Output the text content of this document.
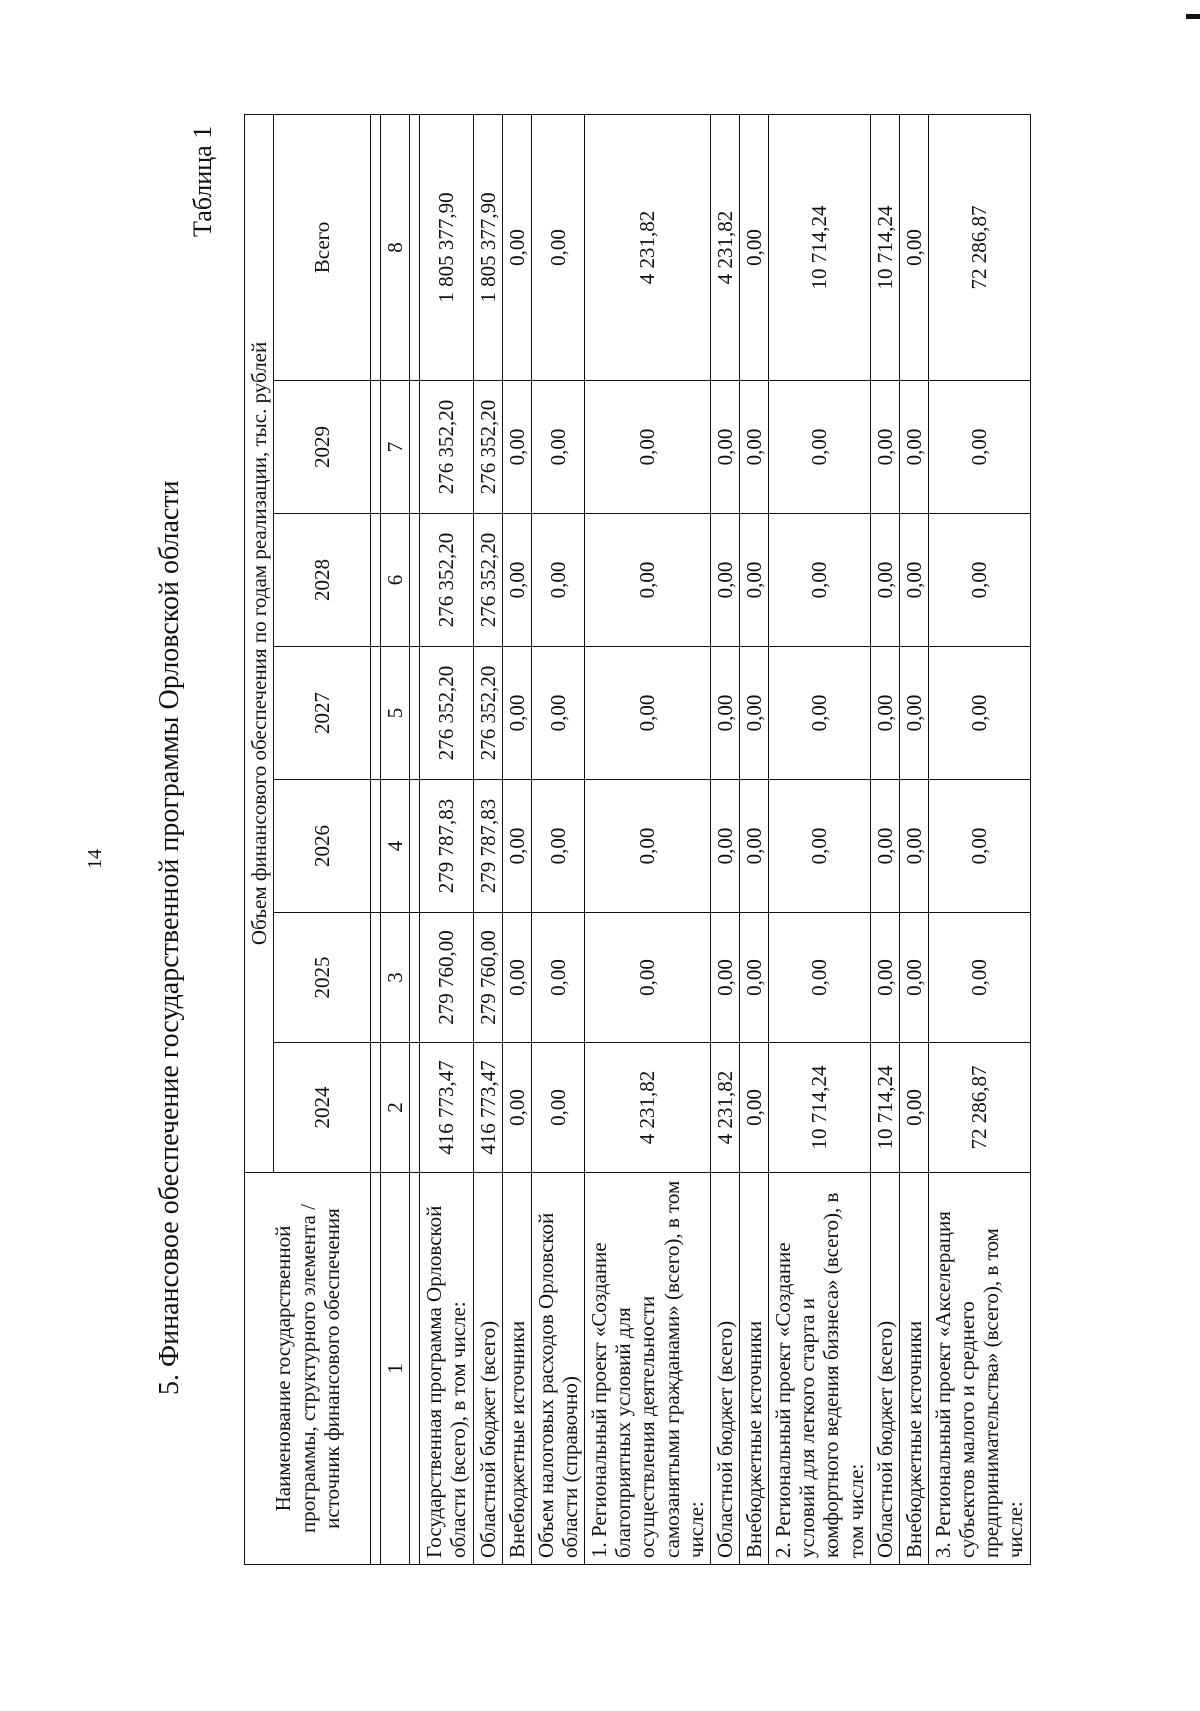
14 5. Финансовое обеспечение государственной программы Орловской области
Таблица 1
Наименование государственной программы, структурного элемента / источник финансового обеспечения	Объем финансового обеспечения по годам реализации, тыс. рублей						
	2024	2025	2026	2027	2028	2029	Всего

1	2	3	4	5	6	7	8

Государственная программа Орловской области (всего), в том числе:	416 773,47	279 760,00	279 787,83	276 352,20	276 352,20	276 352,20	1 805 377,90
Областной бюджет (всего)	416 773,47	279 760,00	279 787,83	276 352,20	276 352,20	276 352,20	1 805 377,90
Внебюджетные источники	0,00	0,00	0,00	0,00	0,00	0,00	0,00
Объем налоговых расходов Орловской области (справочно)	0,00	0,00	0,00	0,00	0,00	0,00	0,00
1. Региональный проект «Создание благоприятных условий для осуществления деятельности самозанятыми гражданами» (всего), в том числе:	4 231,82	0,00	0,00	0,00	0,00	0,00	4 231,82
Областной бюджет (всего)	4 231,82	0,00	0,00	0,00	0,00	0,00	4 231,82
Внебюджетные источники	0,00	0,00	0,00	0,00	0,00	0,00	0,00
2. Региональный проект «Создание условий для легкого старта и комфортного ведения бизнеса» (всего), в том числе:	10 714,24	0,00	0,00	0,00	0,00	0,00	10 714,24
Областной бюджет (всего)	10 714,24	0,00	0,00	0,00	0,00	0,00	10 714,24
Внебюджетные источники	0,00	0,00	0,00	0,00	0,00	0,00	0,00
3. Региональный проект «Акселерация субъектов малого и среднего предпринимательства» (всего), в том числе:	72 286,87	0,00	0,00	0,00	0,00	0,00	72 286,87
